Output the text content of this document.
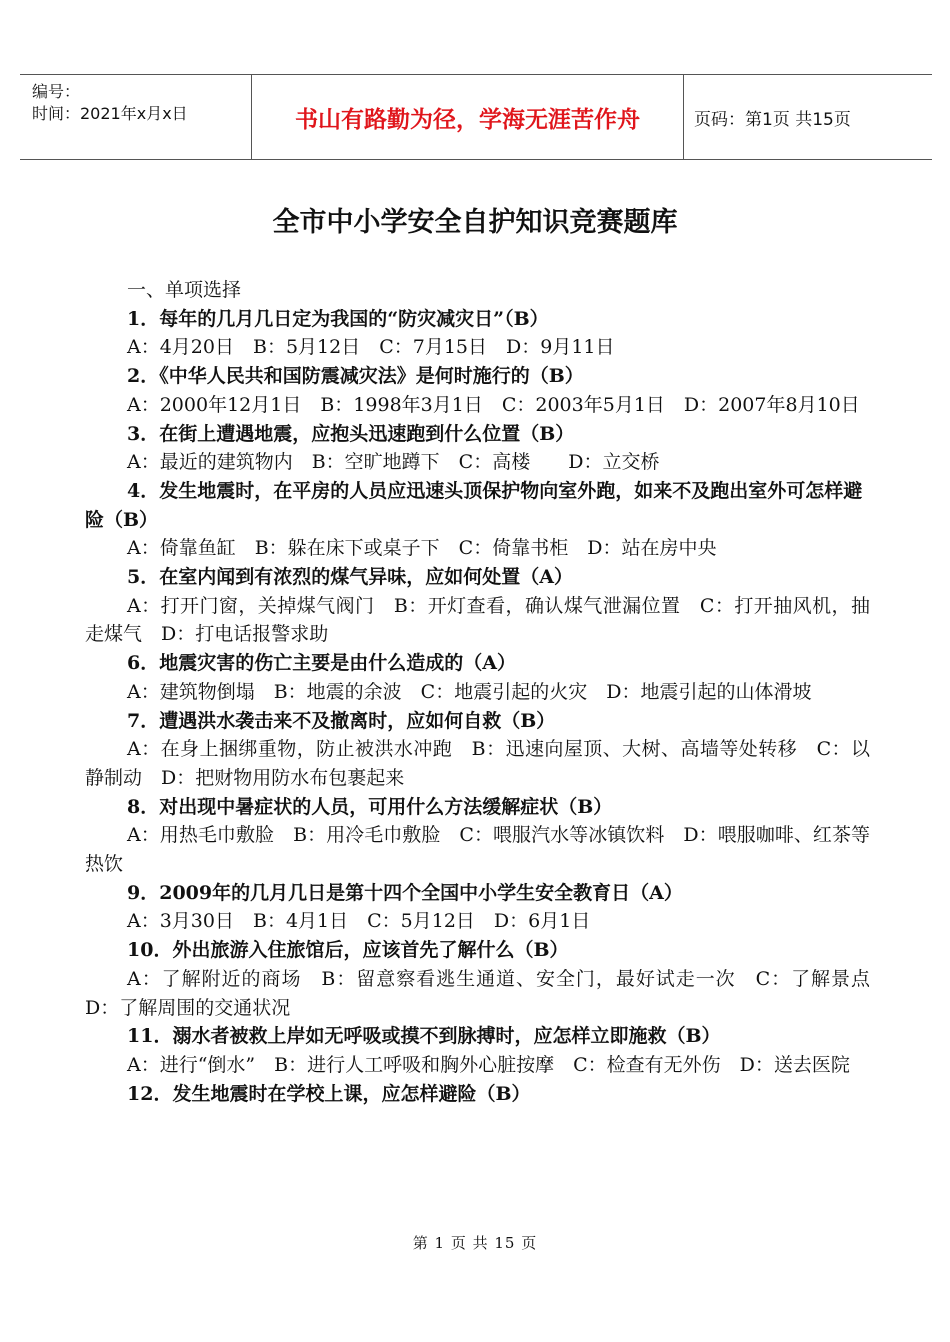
编号：
时间：2021年x月x日	书山有路勤为径，学海无涯苦作舟	页码：第1页 共15页
全市中小学安全自护知识竞赛题库

一、单项选择

1．每年的几月几日定为我国的“防灾减灾日”（B）

A：4月20日　B：5月12日　C：7月15日　D：9月11日

2．《中华人民共和国防震减灾法》是何时施行的（B）

A：2000年12月1日　B：1998年3月1日　C：2003年5月1日　D：2007年8月10日

3．在街上遭遇地震，应抱头迅速跑到什么位置（B）

A：最近的建筑物内　B：空旷地蹲下　C：高楼　　D：立交桥

4．发生地震时，在平房的人员应迅速头顶保护物向室外跑，如来不及跑出室外可怎样避险（B）

A：倚靠鱼缸　B：躲在床下或桌子下　C：倚靠书柜　D：站在房中央

5．在室内闻到有浓烈的煤气异味，应如何处置（A）

A：打开门窗，关掉煤气阀门　B：开灯查看，确认煤气泄漏位置　C：打开抽风机，抽走煤气　D：打电话报警求助

6．地震灾害的伤亡主要是由什么造成的（A）

A：建筑物倒塌　B：地震的余波　C：地震引起的火灾　D：地震引起的山体滑坡

7．遭遇洪水袭击来不及撤离时，应如何自救（B）

A：在身上捆绑重物，防止被洪水冲跑　B：迅速向屋顶、大树、高墙等处转移　C：以静制动　D：把财物用防水布包裹起来

8．对出现中暑症状的人员，可用什么方法缓解症状（B）

A：用热毛巾敷脸　B：用冷毛巾敷脸　C：喂服汽水等冰镇饮料　D：喂服咖啡、红茶等热饮

9．2009年的几月几日是第十四个全国中小学生安全教育日（A）

A：3月30日　B：4月1日　C：5月12日　D：6月1日

10．外出旅游入住旅馆后，应该首先了解什么（B）

A：了解附近的商场　B：留意察看逃生通道、安全门，最好试走一次　C：了解景点　D：了解周围的交通状况

11．溺水者被救上岸如无呼吸或摸不到脉搏时，应怎样立即施救（B）

A：进行“倒水”　B：进行人工呼吸和胸外心脏按摩　C：检查有无外伤　D：送去医院

12．发生地震时在学校上课，应怎样避险（B）

第 1 页 共 15 页
